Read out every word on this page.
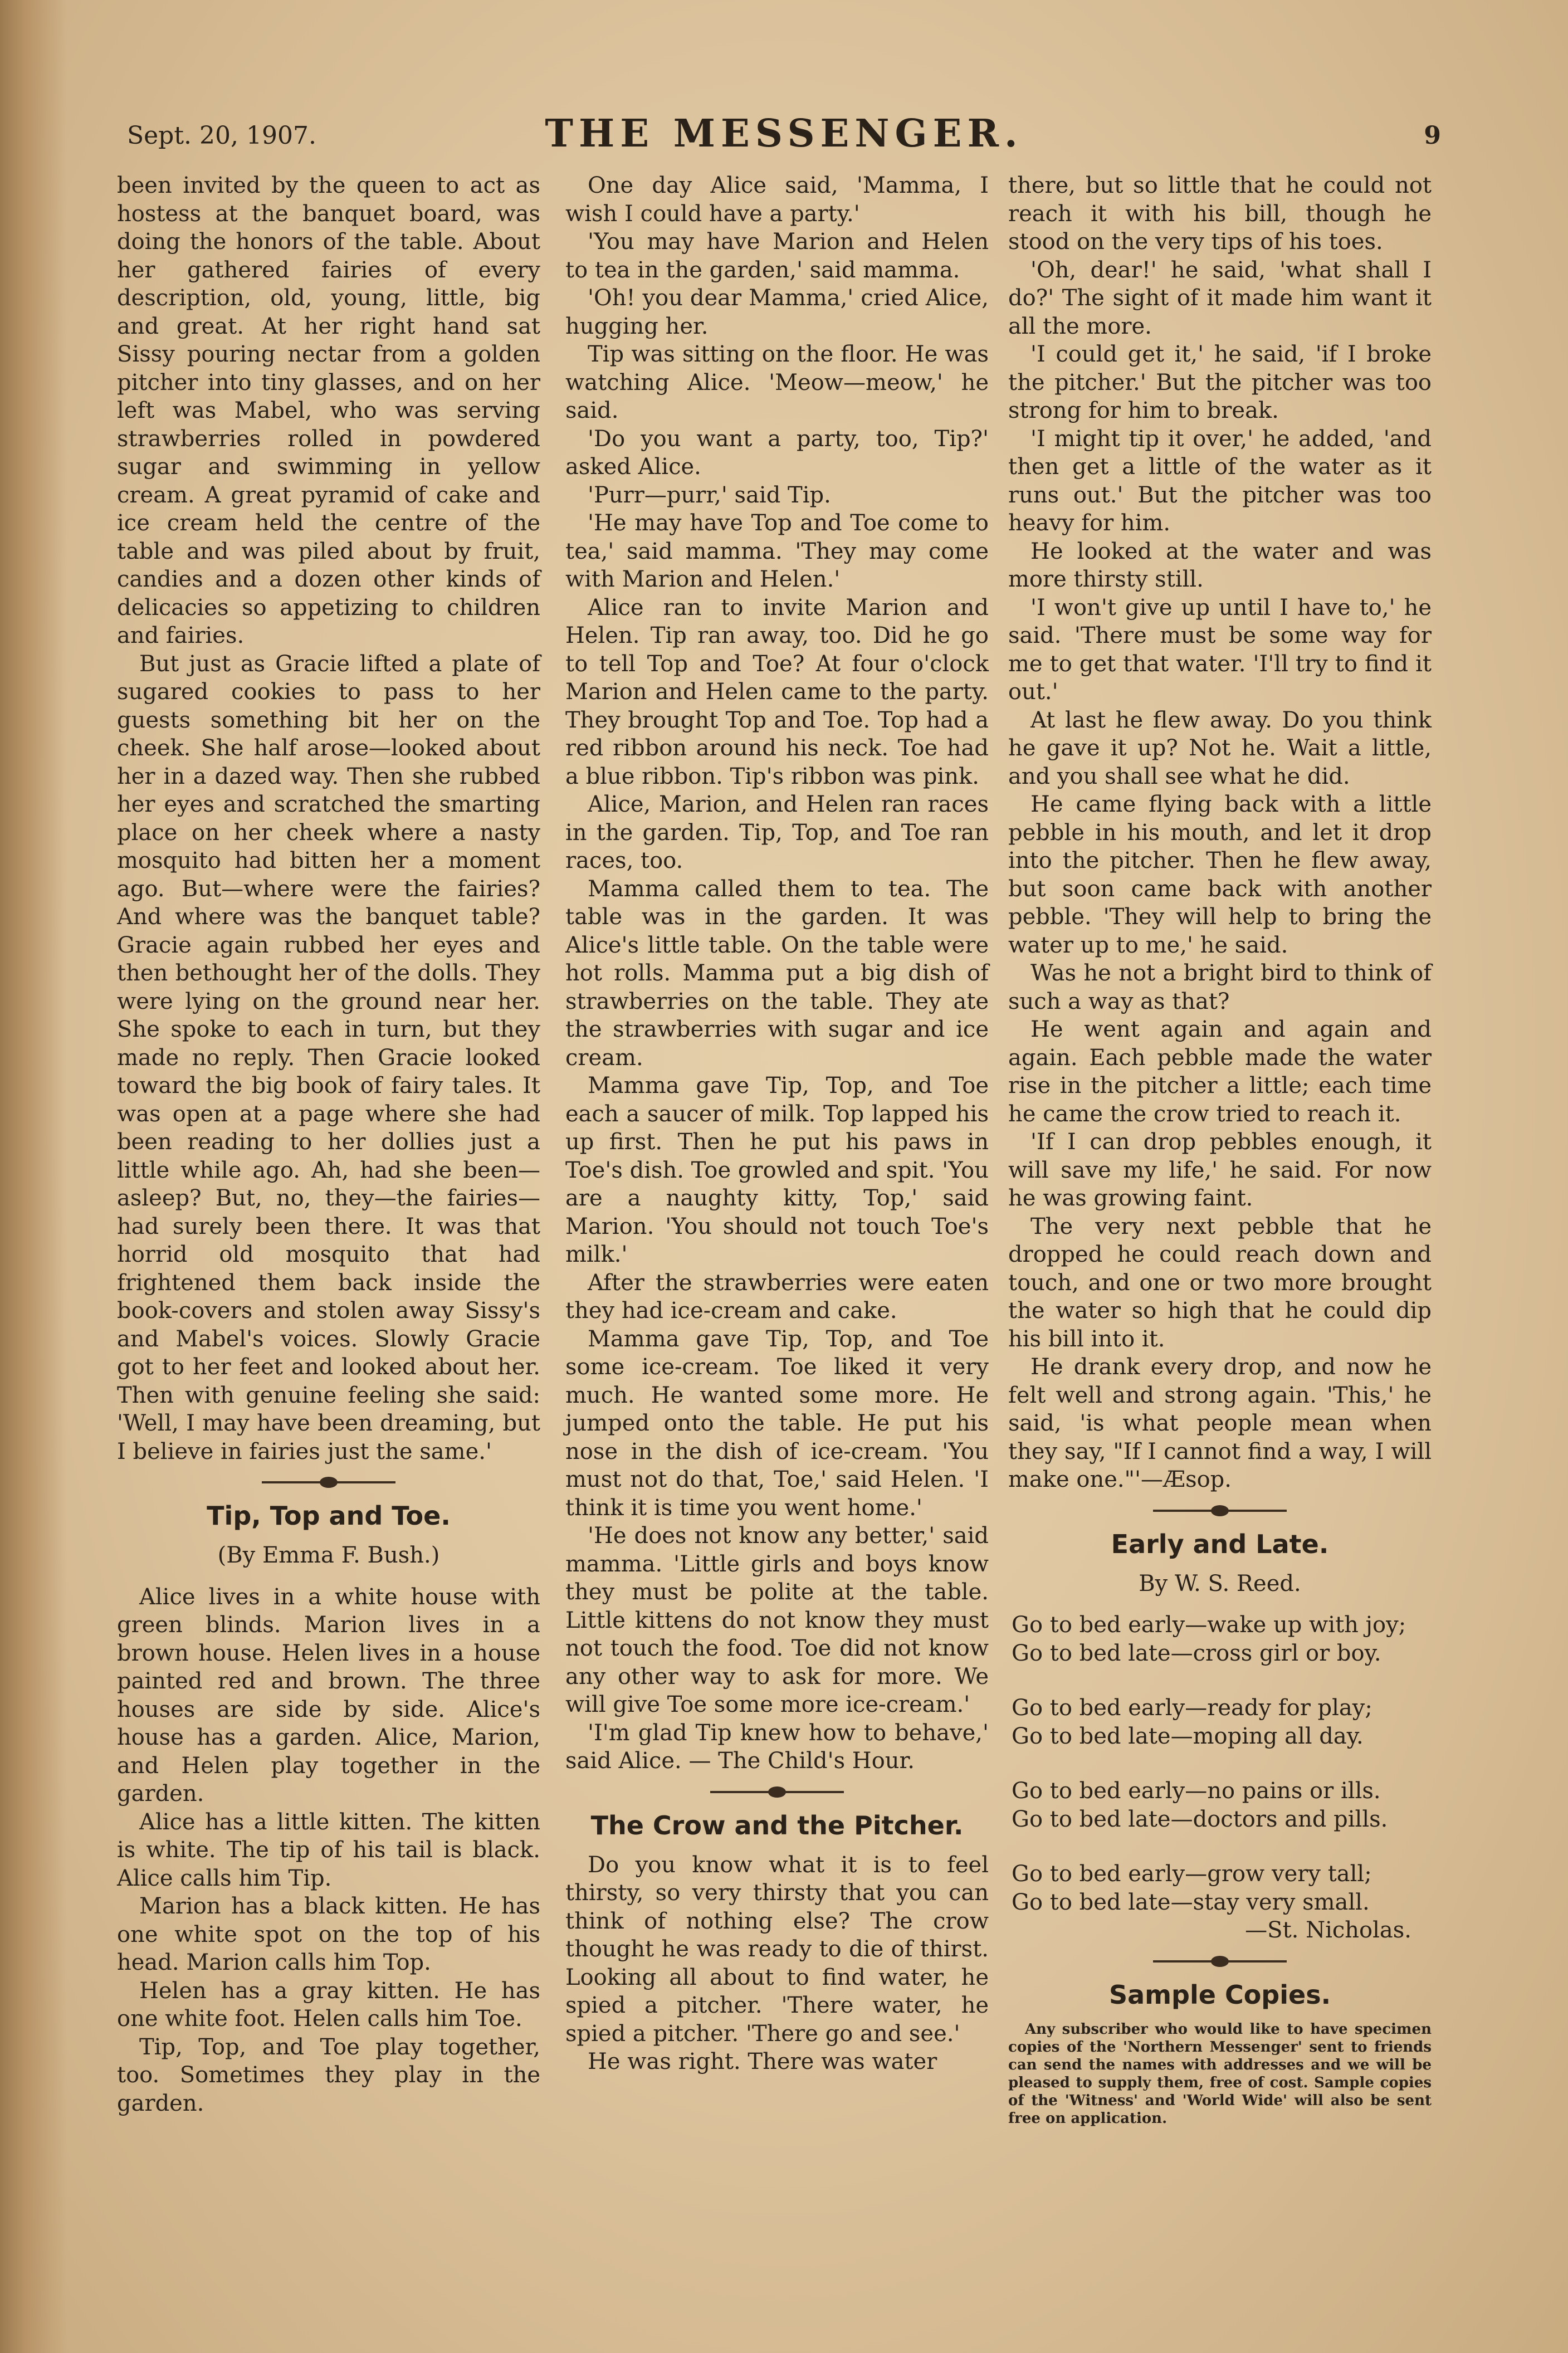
Sept. 20, 1907.	THE MESSENGER.	9

been invited by the queen to act as hostess at the banquet board, was doing the honors of the table. About her gathered fairies of every description, old, young, little, big and great. At her right hand sat Sissy pouring nectar from a golden pitcher into tiny glasses, and on her left was Mabel, who was serving strawberries rolled in powdered sugar and swimming in yellow cream. A great pyramid of cake and ice cream held the centre of the table and was piled about by fruit, candies and a dozen other kinds of delicacies so appetizing to children and fairies.

But just as Gracie lifted a plate of sugared cookies to pass to her guests something bit her on the cheek. She half arose—looked about her in a dazed way. Then she rubbed her eyes and scratched the smarting place on her cheek where a nasty mosquito had bitten her a moment ago. But—where were the fairies? And where was the banquet table? Gracie again rubbed her eyes and then bethought her of the dolls. They were lying on the ground near her. She spoke to each in turn, but they made no reply. Then Gracie looked toward the big book of fairy tales. It was open at a page where she had been reading to her dollies just a little while ago. Ah, had she been—asleep? But, no, they—the fairies—had surely been there. It was that horrid old mosquito that had frightened them back inside the book-covers and stolen away Sissy's and Mabel's voices. Slowly Gracie got to her feet and looked about her. Then with genuine feeling she said: 'Well, I may have been dreaming, but I believe in fairies just the same.'

Tip, Top and Toe.
(By Emma F. Bush.)

Alice lives in a white house with green blinds. Marion lives in a brown house. Helen lives in a house painted red and brown. The three houses are side by side. Alice's house has a garden. Alice, Marion, and Helen play together in the garden.

Alice has a little kitten. The kitten is white. The tip of his tail is black. Alice calls him Tip.

Marion has a black kitten. He has one white spot on the top of his head. Marion calls him Top.

Helen has a gray kitten. He has one white foot. Helen calls him Toe.

Tip, Top, and Toe play together, too. Sometimes they play in the garden.

One day Alice said, 'Mamma, I wish I could have a party.'

'You may have Marion and Helen to tea in the garden,' said mamma.

'Oh! you dear Mamma,' cried Alice, hugging her.

Tip was sitting on the floor. He was watching Alice. 'Meow—meow,' he said.

'Do you want a party, too, Tip?' asked Alice.

'Purr—purr,' said Tip.

'He may have Top and Toe come to tea,' said mamma. 'They may come with Marion and Helen.'

Alice ran to invite Marion and Helen. Tip ran away, too. Did he go to tell Top and Toe? At four o'clock Marion and Helen came to the party. They brought Top and Toe. Top had a red ribbon around his neck. Toe had a blue ribbon. Tip's ribbon was pink.

Alice, Marion, and Helen ran races in the garden. Tip, Top, and Toe ran races, too.

Mamma called them to tea. The table was in the garden. It was Alice's little table. On the table were hot rolls. Mamma put a big dish of strawberries on the table. They ate the strawberries with sugar and ice cream.

Mamma gave Tip, Top, and Toe each a saucer of milk. Top lapped his up first. Then he put his paws in Toe's dish. Toe growled and spit. 'You are a naughty kitty, Top,' said Marion. 'You should not touch Toe's milk.'

After the strawberries were eaten they had ice-cream and cake.

Mamma gave Tip, Top, and Toe some ice-cream. Toe liked it very much. He wanted some more. He jumped onto the table. He put his nose in the dish of ice-cream. 'You must not do that, Toe,' said Helen. 'I think it is time you went home.'

'He does not know any better,' said mamma. 'Little girls and boys know they must be polite at the table. Little kittens do not know they must not touch the food. Toe did not know any other way to ask for more. We will give Toe some more ice-cream.'

'I'm glad Tip knew how to behave,' said Alice. — The Child's Hour.

The Crow and the Pitcher.

Do you know what it is to feel thirsty, so very thirsty that you can think of nothing else? The crow thought he was ready to die of thirst. Looking all about to find water, he spied a pitcher. 'There water, he spied a pitcher. 'There go and see.'

He was right. There was water

there, but so little that he could not reach it with his bill, though he stood on the very tips of his toes.

'Oh, dear!' he said, 'what shall I do?' The sight of it made him want it all the more.

'I could get it,' he said, 'if I broke the pitcher.' But the pitcher was too strong for him to break.

'I might tip it over,' he added, 'and then get a little of the water as it runs out.' But the pitcher was too heavy for him.

He looked at the water and was more thirsty still.

'I won't give up until I have to,' he said. 'There must be some way for me to get that water. 'I'll try to find it out.'

At last he flew away. Do you think he gave it up? Not he. Wait a little, and you shall see what he did.

He came flying back with a little pebble in his mouth, and let it drop into the pitcher. Then he flew away, but soon came back with another pebble. 'They will help to bring the water up to me,' he said.

Was he not a bright bird to think of such a way as that?

He went again and again and again. Each pebble made the water rise in the pitcher a little; each time he came the crow tried to reach it.

'If I can drop pebbles enough, it will save my life,' he said. For now he was growing faint.

The very next pebble that he dropped he could reach down and touch, and one or two more brought the water so high that he could dip his bill into it.

He drank every drop, and now he felt well and strong again. 'This,' he said, 'is what people mean when they say, "If I cannot find a way, I will make one."'—Æsop.

Early and Late.
By W. S. Reed.
Go to bed early—wake up with joy;
Go to bed late—cross girl or boy.
Go to bed early—ready for play;
Go to bed late—moping all day.
Go to bed early—no pains or ills.
Go to bed late—doctors and pills.
Go to bed early—grow very tall;
Go to bed late—stay very small.
—St. Nicholas.
Sample Copies.

Any subscriber who would like to have specimen copies of the 'Northern Messenger' sent to friends can send the names with addresses and we will be pleased to supply them, free of cost. Sample copies of the 'Witness' and 'World Wide' will also be sent free on application.
